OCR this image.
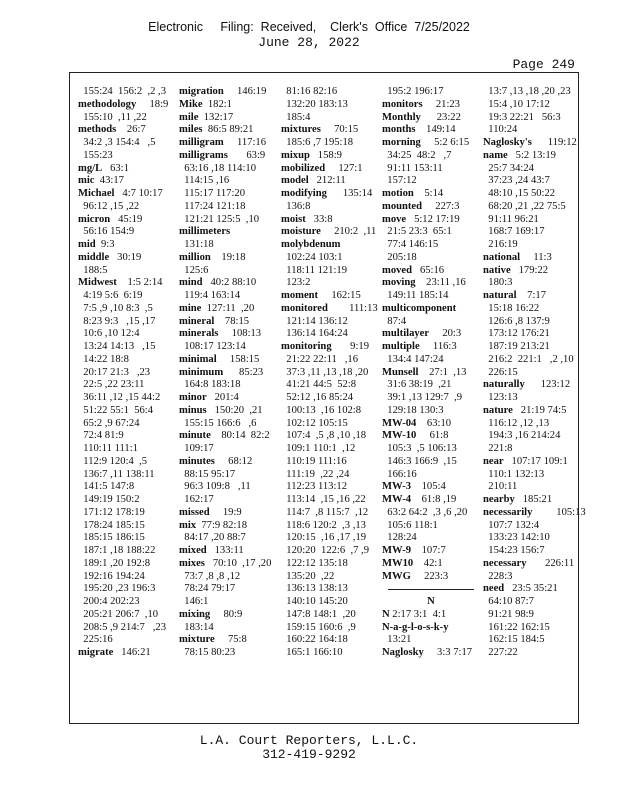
Electronic     Filing:  Received,    Clerk's  Office  7/25/2022
June 28, 2022
Page 249
155:24  156:2  ,2 ,3
methodology     18:9
155:10  ,11 ,22
methods    26:7
34:2 ,3 154:4   ,5
155:23
mg/L   63:1
mic  43:17
Michael   4:7 10:17
96:12 ,15 ,22
micron   45:19
56:16 154:9
mid  9:3
middle   30:19
188:5
Midwest    1:5 2:14
4:19 5:6  6:19
7:5 ,9 ,10 8:3  ,5
8:23 9:3   ,15 ,17
10:6 ,10 12:4
13:24 14:13   ,15
14:22 18:8
20:17 21:3   ,23
22:5 ,22 23:11
36:11 ,12 ,15 44:2
51:22 55:1  56:4
65:2 ,9 67:24
72:4 81:9
110:11 111:1
112:9 120:4  ,5
136:7 ,11 138:11
141:5 147:8
149:19 150:2
171:12 178:19
178:24 185:15
185:15 186:15
187:1 ,18 188:22
189:1 ,20 192:8
192:16 194:24
195:20 ,23 196:3
200:4 202:23
205:21 206:7  ,10
208:5 ,9 214:7   ,23
225:16
migrate   146:21
migration     146:19
Mike  182:1
mile  132:17
miles  86:5 89:21
milligram     117:16
milligrams       63:9
63:16 ,18 114:10
114:15 ,16
115:17 117:20
117:24 121:18
121:21 125:5  ,10
millimeters
131:18
million    19:18
125:6
mind   40:2 88:10
119:4 163:14
mine  127:11  ,20
mineral    78:15
minerals     108:13
108:17 123:14
minimal     158:15
minimum      85:23
164:8 183:18
minor   201:4
minus   150:20  ,21
155:15 166:6   ,6
minute    80:14  82:2
109:17
minutes     68:12
88:15 95:17
96:3 109:8   ,11
162:17
missed     19:9
mix  77:9 82:18
84:17 ,20 88:7
mixed   133:11
mixes   70:10  ,17 ,20
73:7 ,8 ,8 ,12
78:24 79:17
146:1
mixing     80:9
183:14
mixture     75:8
78:15 80:23
81:16 82:16
132:20 183:13
185:4
mixtures     70:15
185:6 ,7 195:18
mixup   158:9
mobilized     127:1
model   212:11
modifying      135:14
136:8
moist   33:8
moisture     210:2  ,11
molybdenum
102:24 103:1
118:11 121:19
123:2
moment     162:15
monitored        111:13
121:14 136:12
136:14 164:24
monitoring       9:19
21:22 22:11   ,16
37:3 ,11 ,13 ,18 ,20
41:21 44:5  52:8
52:12 ,16 85:24
100:13  ,16 102:8
102:12 105:15
107:4  ,5 ,8 ,10 ,18
109:1 110:1  ,12
110:19 111:16
111:19  ,22 ,24
112:23 113:12
113:14  ,15 ,16 ,22
114:7  ,8 115:7  ,12
118:6 120:2  ,3 ,13
120:15  ,16 ,17 ,19
120:20  122:6  ,7 ,9
122:12 135:18
135:20  ,22
136:13 138:13
140:10 145:20
147:8 148:1  ,20
159:15 160:6  ,9
160:22 164:18
165:1 166:10
195:2 196:17
monitors     21:23
Monthly      23:22
months    149:14
morning     5:2 6:15
34:25  48:2   ,7
91:11 153:11
157:12
motion    5:14
mounted     227:3
move   5:12 17:19
21:5 23:3  65:1
77:4 146:15
205:18
moved   65:16
moving    23:11 ,16
149:11 185:14
multicomponent
87:4
multilayer     20:3
multiple     116:3
134:4 147:24
Munsell    27:1  ,13
31:6 38:19  ,21
39:1 ,13 129:7  ,9
129:18 130:3
MW-04    63:10
MW-10     61:8
105:3  ,5 106:13
146:3 166:9  ,15
166:16
MW-3    105:4
MW-4    61:8 ,19
63:2 64:2  ,3 ,6 ,20
105:6 118:1
128:24
MW-9    107:7
MW10    42:1
MWG     223:3
N 2:17 3:1  4:1
N-a-g-l-o-s-k-y
13:21
Naglosky     3:3 7:17
N
13:7 ,13 ,18 ,20 ,23
15:4 ,10 17:12
19:3 22:21   56:3
110:24
Naglosky's      119:12
name   5:2 13:19
25:7 34:24
37:23 ,24 43:7
48:10 ,15 50:22
68:20 ,21 ,22 75:5
91:11 96:21
168:7 169:17
216:19
national     11:3
native   179:22
180:3
natural    7:17
15:18 16:22
126:6 ,8 137:9
173:12 176:21
187:19 213:21
216:2  221:1   ,2 ,10
226:15
naturally      123:12
123:13
nature   21:19 74:5
116:12 ,12 ,13
194:3 ,16 214:24
221:8
near   107:17 109:1
110:1 132:13
210:11
nearby   185:21
necessarily         105:13
107:7 132:4
133:23 142:10
154:23 156:7
necessary       226:11
228:3
need   23:5 35:21
64:10 87:7
91:21 98:9
161:22 162:15
162:15 184:5
227:22
L.A. Court Reporters, L.L.C.
312-419-9292
